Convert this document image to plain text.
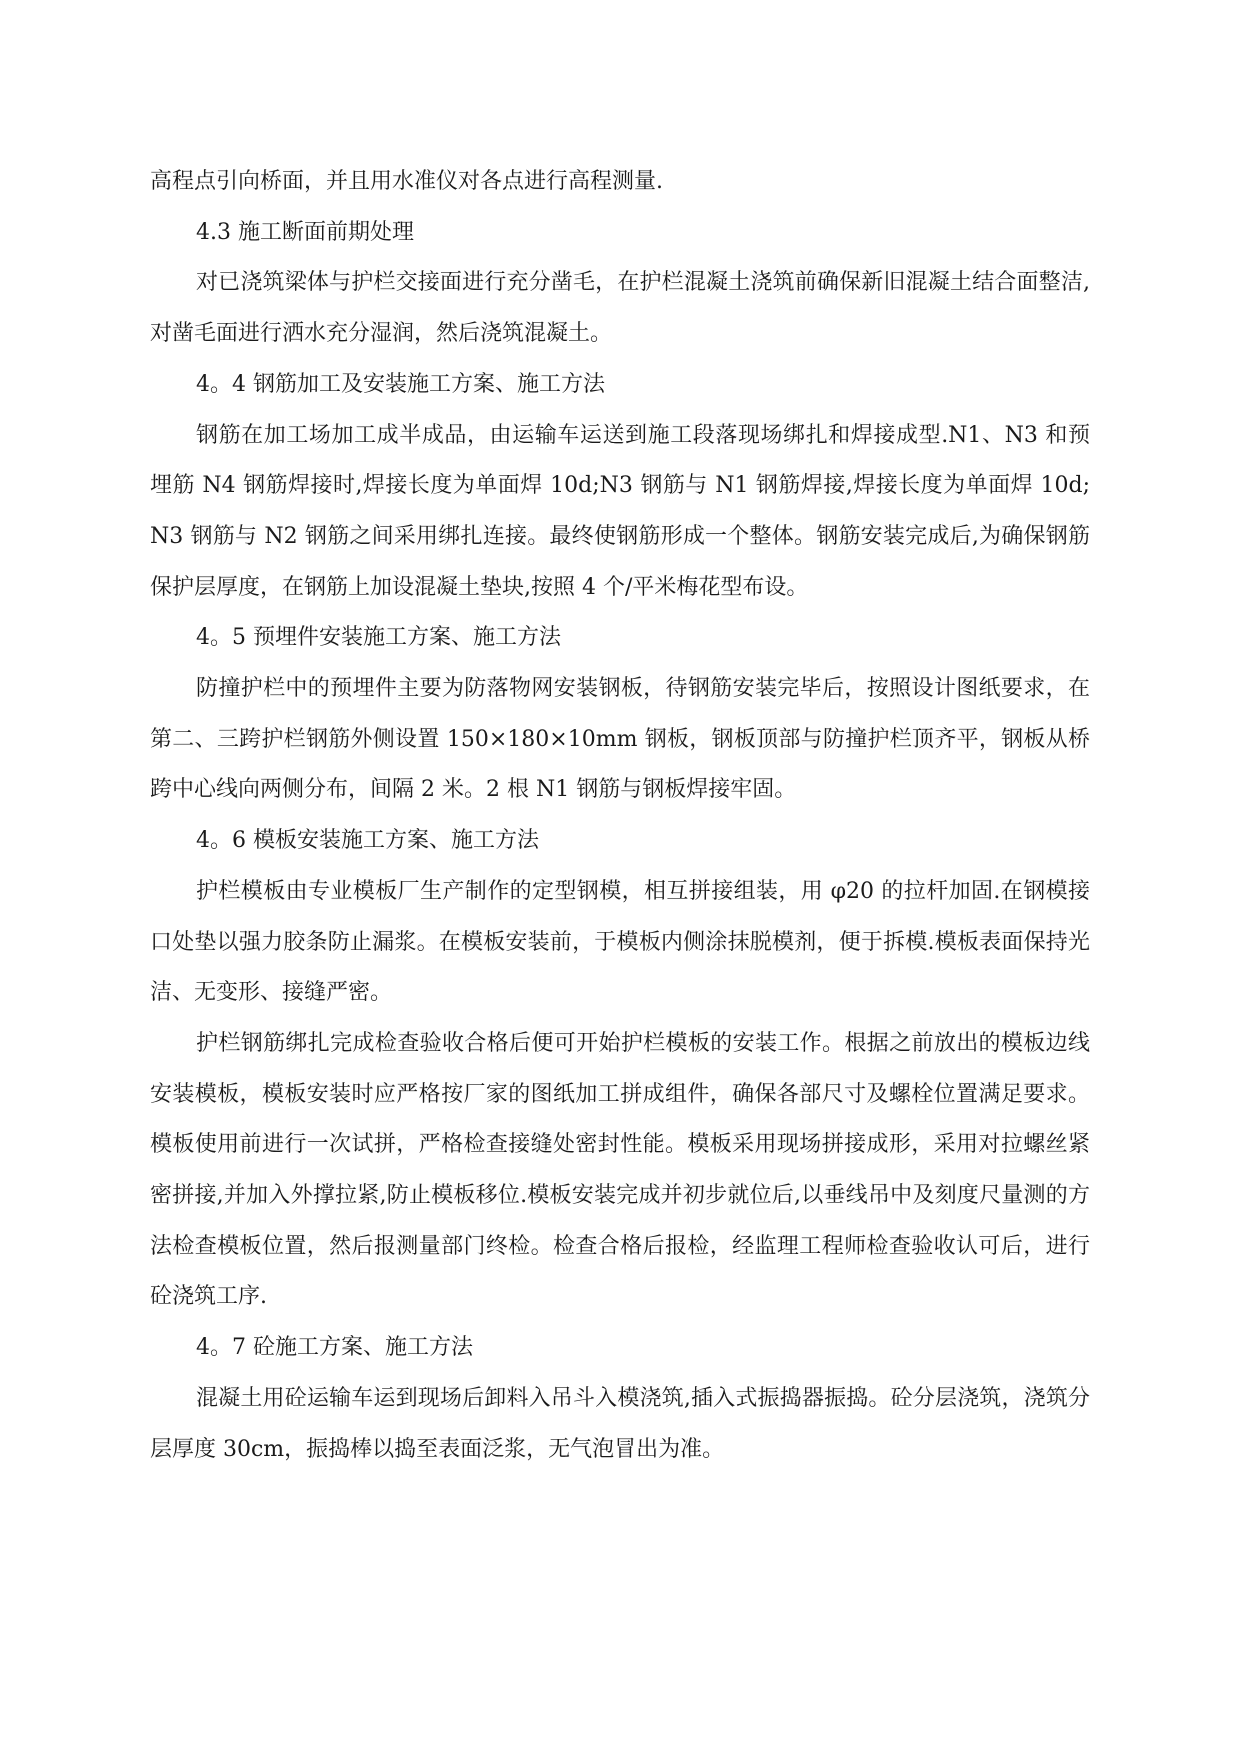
高程点引向桥面，并且用水准仪对各点进行高程测量.

4.3 施工断面前期处理

对已浇筑梁体与护栏交接面进行充分凿毛，在护栏混凝土浇筑前确保新旧混凝土结合面整洁,对凿毛面进行洒水充分湿润，然后浇筑混凝土。

4。4 钢筋加工及安装施工方案、施工方法

钢筋在加工场加工成半成品，由运输车运送到施工段落现场绑扎和焊接成型.N1、N3 和预埋筋 N4 钢筋焊接时,焊接长度为单面焊 10d;N3 钢筋与 N1 钢筋焊接,焊接长度为单面焊 10d; N3 钢筋与 N2 钢筋之间采用绑扎连接。最终使钢筋形成一个整体。钢筋安装完成后,为确保钢筋保护层厚度，在钢筋上加设混凝土垫块,按照 4 个/平米梅花型布设。

4。5 预埋件安装施工方案、施工方法

防撞护栏中的预埋件主要为防落物网安装钢板，待钢筋安装完毕后，按照设计图纸要求，在第二、三跨护栏钢筋外侧设置 150×180×10mm 钢板，钢板顶部与防撞护栏顶齐平，钢板从桥跨中心线向两侧分布，间隔 2 米。2 根 N1 钢筋与钢板焊接牢固。

4。6 模板安装施工方案、施工方法

护栏模板由专业模板厂生产制作的定型钢模，相互拼接组装，用 φ20 的拉杆加固.在钢模接口处垫以强力胶条防止漏浆。在模板安装前，于模板内侧涂抹脱模剂，便于拆模.模板表面保持光洁、无变形、接缝严密。

护栏钢筋绑扎完成检查验收合格后便可开始护栏模板的安装工作。根据之前放出的模板边线安装模板，模板安装时应严格按厂家的图纸加工拼成组件，确保各部尺寸及螺栓位置满足要求。模板使用前进行一次试拼，严格检查接缝处密封性能。模板采用现场拼接成形，采用对拉螺丝紧密拼接,并加入外撑拉紧,防止模板移位.模板安装完成并初步就位后,以垂线吊中及刻度尺量测的方法检查模板位置，然后报测量部门终检。检查合格后报检，经监理工程师检查验收认可后，进行砼浇筑工序.

4。7 砼施工方案、施工方法

混凝土用砼运输车运到现场后卸料入吊斗入模浇筑,插入式振捣器振捣。砼分层浇筑，浇筑分层厚度 30cm，振捣棒以捣至表面泛浆，无气泡冒出为准。
